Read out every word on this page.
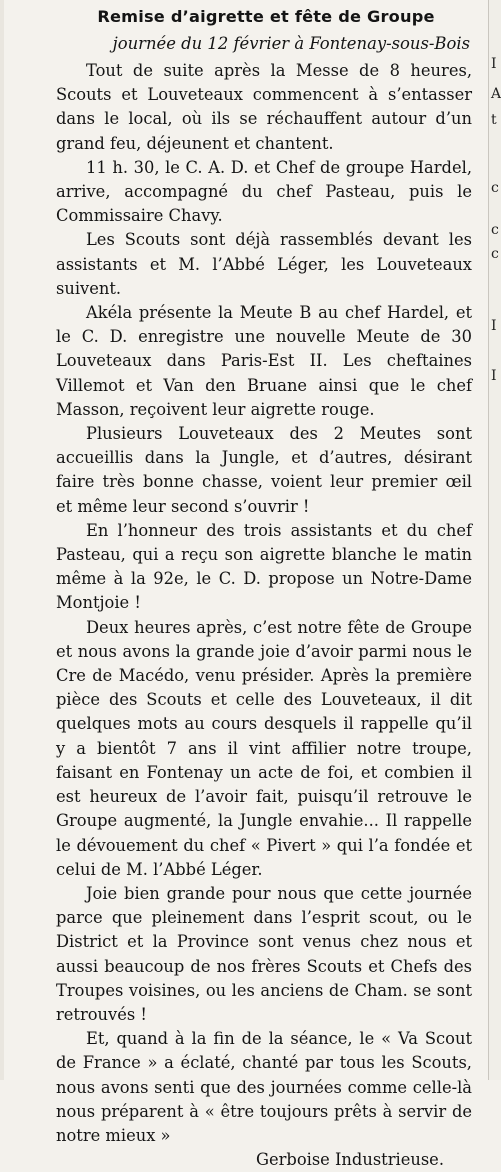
Remise d’aigrette et fête de Groupe
journée du 12 février à Fontenay-sous-Bois

Tout de suite après la Messe de 8 heures, Scouts et Louveteaux commencent à s’entasser dans le local, où ils se réchauffent autour d’un grand feu, déjeunent et chantent.

11 h. 30, le C. A. D. et Chef de groupe Hardel, arrive, accompagné du chef Pasteau, puis le Commissaire Chavy.

Les Scouts sont déjà rassemblés devant les assistants et M. l’Abbé Léger, les Louveteaux suivent.

Akéla présente la Meute B au chef Hardel, et le C. D. enregistre une nouvelle Meute de 30 Louveteaux dans Paris-Est II. Les cheftaines Villemot et Van den Bruane ainsi que le chef Masson, reçoivent leur aigrette rouge.

Plusieurs Louveteaux des 2 Meutes sont accueillis dans la Jungle, et d’autres, désirant faire très bonne chasse, voient leur premier œil et même leur second s’ouvrir !

En l’honneur des trois assistants et du chef Pasteau, qui a reçu son aigrette blanche le matin même à la 92e, le C. D. propose un Notre-Dame Montjoie !

Deux heures après, c’est notre fête de Groupe et nous avons la grande joie d’avoir parmi nous le Cre de Macédo, venu présider. Après la première pièce des Scouts et celle des Louveteaux, il dit quelques mots au cours desquels il rappelle qu’il y a bientôt 7 ans il vint affilier notre troupe, faisant en Fontenay un acte de foi, et combien il est heureux de l’avoir fait, puisqu’il retrouve le Groupe augmenté, la Jungle envahie... Il rappelle le dévouement du chef « Pivert » qui l’a fondée et celui de M. l’Abbé Léger.

Joie bien grande pour nous que cette journée parce que pleinement dans l’esprit scout, ou le District et la Province sont venus chez nous et aussi beaucoup de nos frères Scouts et Chefs des Troupes voisines, ou les anciens de Cham. se sont retrouvés !

Et, quand à la fin de la séance, le « Va Scout de France » a éclaté, chanté par tous les Scouts, nous avons senti que des journées comme celle-là nous préparent à « être toujours prêts à servir de notre mieux »

Gerboise Industrieuse.

I
A
t
c
c
c
I
I
